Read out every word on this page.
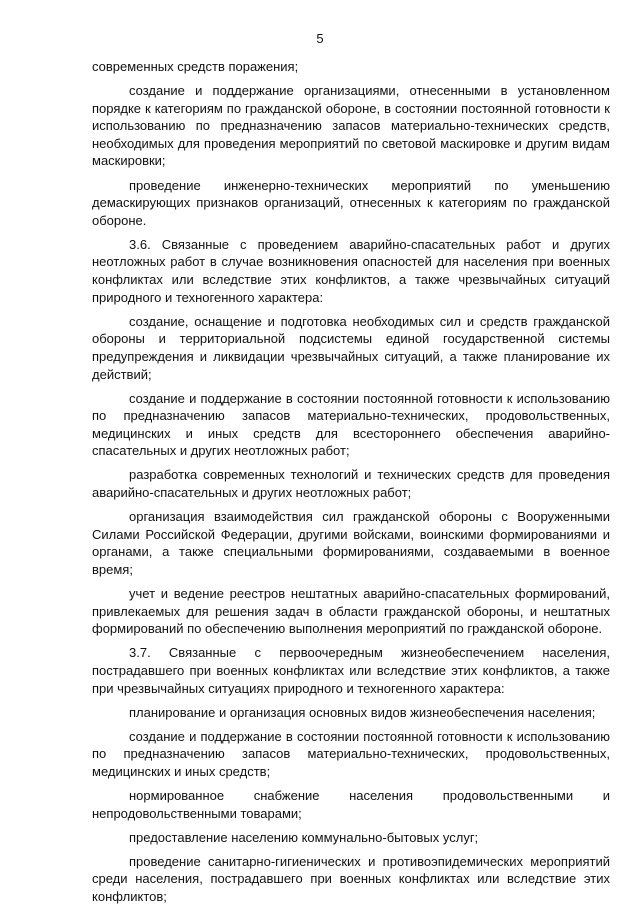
5

современных средств поражения;

создание и поддержание организациями, отнесенными в установленном порядке к категориям по гражданской обороне, в состоянии постоянной готовности к использованию по предназначению запасов материально-технических средств, необходимых для проведения мероприятий по световой маскировке и другим видам маскировки;

проведение инженерно-технических мероприятий по уменьшению демаскирующих признаков организаций, отнесенных к категориям по гражданской обороне.

3.6. Связанные с проведением аварийно-спасательных работ и других неотложных работ в случае возникновения опасностей для населения при военных конфликтах или вследствие этих конфликтов, а также чрезвычайных ситуаций природного и техногенного характера:

создание, оснащение и подготовка необходимых сил и средств гражданской обороны и территориальной подсистемы единой государственной системы предупреждения и ликвидации чрезвычайных ситуаций, а также планирование их действий;

создание и поддержание в состоянии постоянной готовности к использованию по предназначению запасов материально-технических, продовольственных, медицинских и иных средств для всестороннего обеспечения аварийно-спасательных и других неотложных работ;

разработка современных технологий и технических средств для проведения аварийно-спасательных и других неотложных работ;

организация взаимодействия сил гражданской обороны с Вооруженными Силами Российской Федерации, другими войсками, воинскими формированиями и органами, а также специальными формированиями, создаваемыми в военное время;

учет и ведение реестров нештатных аварийно-спасательных формирований, привлекаемых для решения задач в области гражданской обороны, и нештатных формирований по обеспечению выполнения мероприятий по гражданской обороне.

3.7. Связанные с первоочередным жизнеобеспечением населения, пострадавшего при военных конфликтах или вследствие этих конфликтов, а также при чрезвычайных ситуациях природного и техногенного характера:

планирование и организация основных видов жизнеобеспечения населения;

создание и поддержание в состоянии постоянной готовности к использованию по предназначению запасов материально-технических, продовольственных, медицинских и иных средств;

нормированное снабжение населения продовольственными и непродовольственными товарами;

предоставление населению коммунально-бытовых услуг;

проведение санитарно-гигиенических и противоэпидемических мероприятий среди населения, пострадавшего при военных конфликтах или вследствие этих конфликтов;
